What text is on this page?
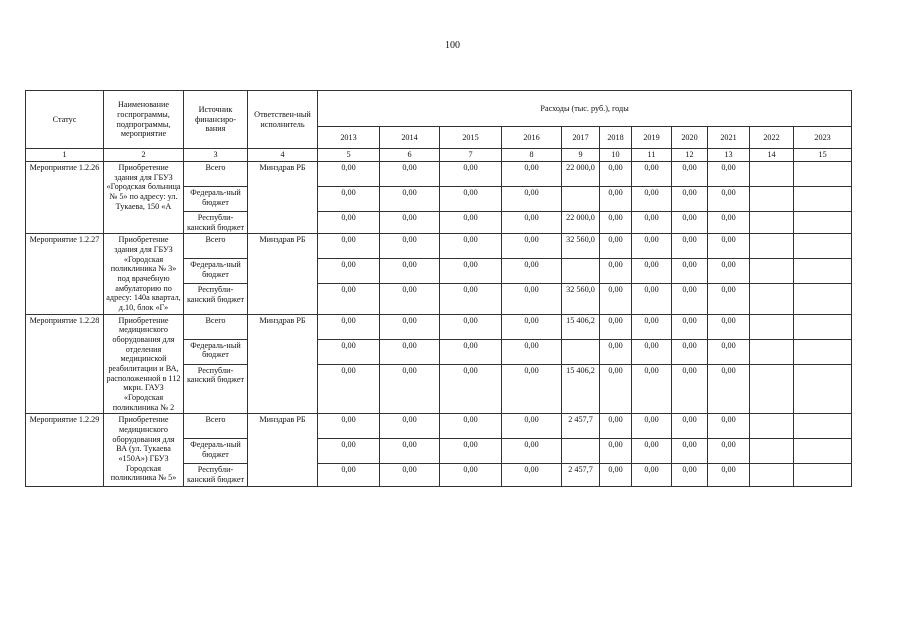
100
Статус	Наименование госпрограммы, подпрограммы, мероприятие	Источник финансиро-вания	Ответствен-ный исполнитель	Расходы (тыс. руб.), годы										
				2013	2014	2015	2016	2017	2018	2019	2020	2021	2022	2023
1	2	3	4	5	6	7	8	9	10	11	12	13	14	15
Мероприятие 1.2.26	Приобретение здания для ГБУЗ «Городская больница № 5» по адресу: ул. Тукаева, 150 «А	Всего	Минздрав РБ	0,00	0,00	0,00	0,00	22 000,0	0,00	0,00	0,00	0,00		
		Федераль-ный бюджет		0,00	0,00	0,00	0,00		0,00	0,00	0,00	0,00		
		Республи-канский бюджет		0,00	0,00	0,00	0,00	22 000,0	0,00	0,00	0,00	0,00		
Мероприятие 1.2.27	Приобретение здания для ГБУЗ «Городская поликлиника № 3» под врачебную амбулаторию по адресу: 140а квартал, д.10, блок «Г»	Всего	Минздрав РБ	0,00	0,00	0,00	0,00	32 560,0	0,00	0,00	0,00	0,00		
		Федераль-ный бюджет		0,00	0,00	0,00	0,00		0,00	0,00	0,00	0,00		
		Республи-канский бюджет		0,00	0,00	0,00	0,00	32 560,0	0,00	0,00	0,00	0,00		
Мероприятие 1.2.28	Приобретение медицинского оборудования для отделения медицинской реабилитации и ВА, расположенной в 112 мкрн. ГАУЗ «Городская поликлиника № 2	Всего	Минздрав РБ	0,00	0,00	0,00	0,00	15 406,2	0,00	0,00	0,00	0,00		
		Федераль-ный бюджет		0,00	0,00	0,00	0,00		0,00	0,00	0,00	0,00		
		Республи-канский бюджет		0,00	0,00	0,00	0,00	15 406,2	0,00	0,00	0,00	0,00		
Мероприятие 1.2.29	Приобретение медицинского оборудования для ВА (ул. Тукаева «150А») ГБУЗ Городская поликлиника № 5»	Всего	Минздрав РБ	0,00	0,00	0,00	0,00	2 457,7	0,00	0,00	0,00	0,00		
		Федераль-ный бюджет		0,00	0,00	0,00	0,00		0,00	0,00	0,00	0,00		
		Республи-канский бюджет		0,00	0,00	0,00	0,00	2 457,7	0,00	0,00	0,00	0,00		
